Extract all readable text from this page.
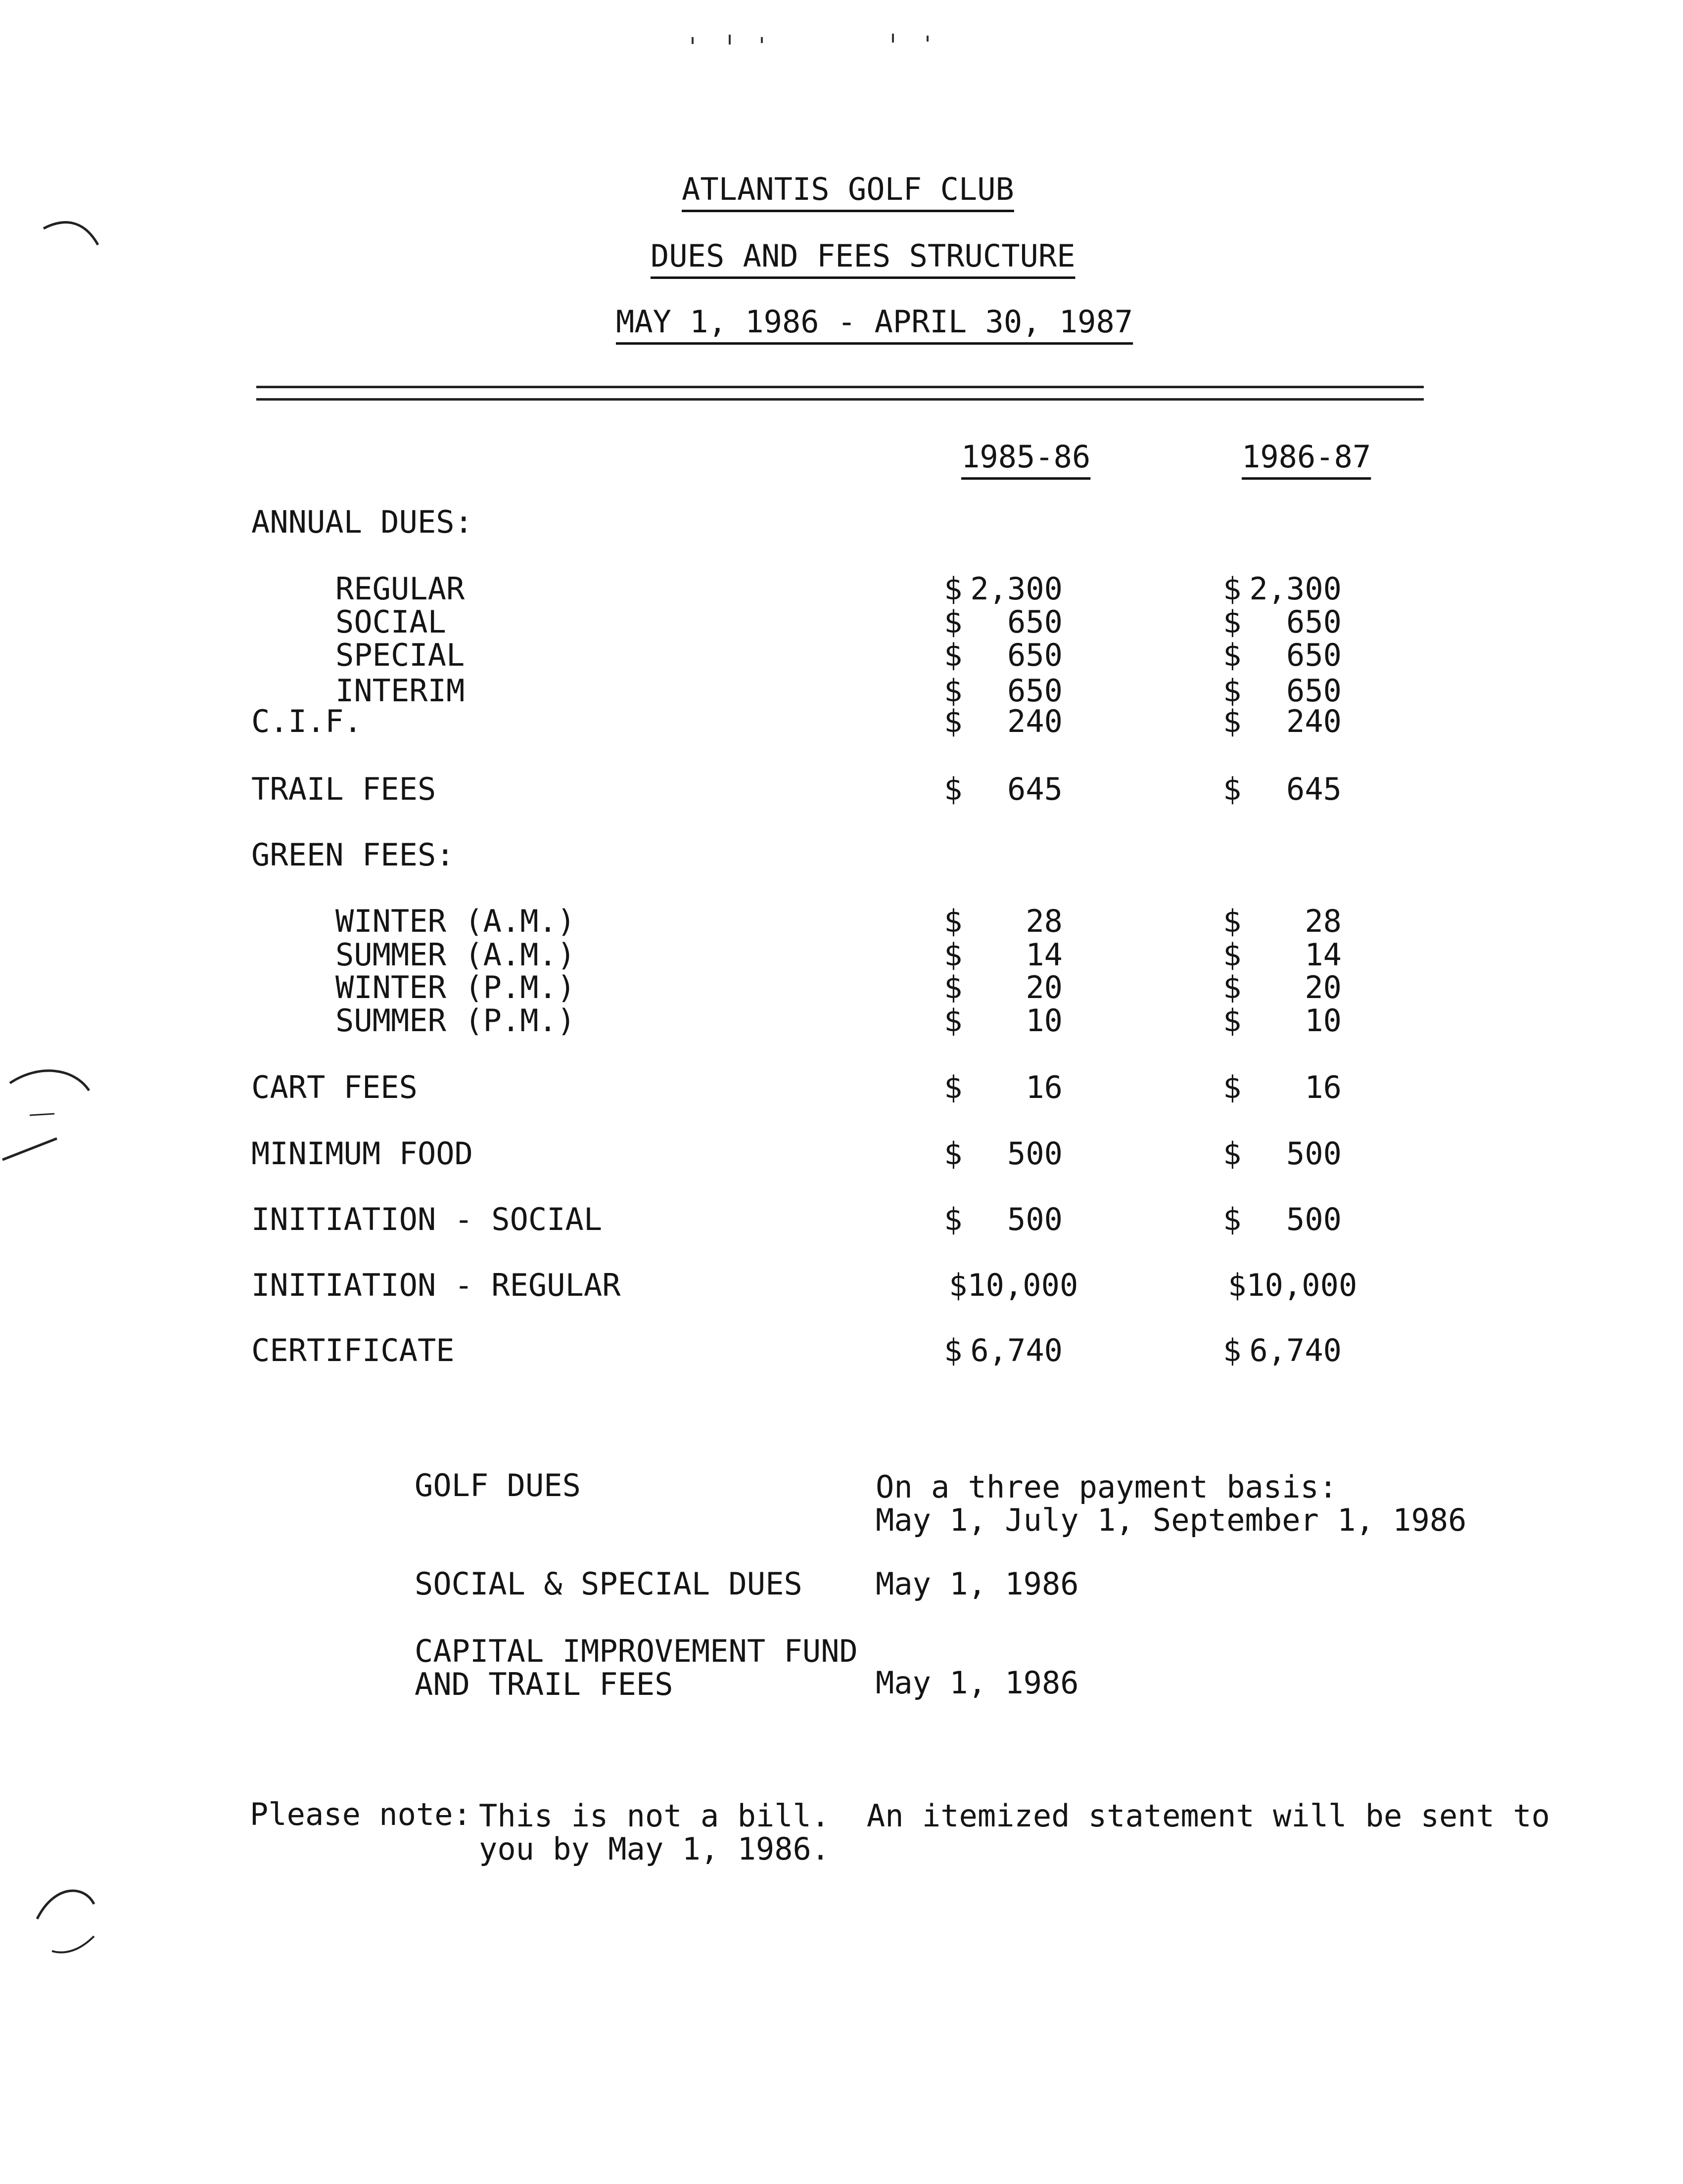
ATLANTIS GOLF CLUB
DUES AND FEES STRUCTURE
MAY 1, 1986 - APRIL 30, 1987
1985-86	1986-87
ANNUAL DUES:
REGULAR	$ 2,300	$ 2,300
SOCIAL	$	650	$	650
SPECIAL	$	650	$	650
INTERIM	$	650	$	650
C.I.F.	$	240	$	240
TRAIL FEES	$	645	$	645
GREEN FEES:
WINTER (A.M.)	$	28	$	28
SUMMER (A.M.)	$	14	$	14
WINTER (P.M.)	$	20	$	20
SUMMER (P.M.)	$	10	$	10
CART FEES	$	16	$	16
MINIMUM FOOD	$	500	$	500
INITIATION - SOCIAL	$	500	$	500
INITIATION - REGULAR	$10,000	$10,000
CERTIFICATE	$ 6,740	$ 6,740
GOLF DUES	On a three payment basis:
May 1, July 1, September 1, 1986
SOCIAL & SPECIAL DUES May 1, 1986
CAPITAL IMPROVEMENT FUND
AND TRAIL FEES	May 1, 1986
Please note: This is not a bill.  An itemized statement will be sent to
you by May 1, 1986.
